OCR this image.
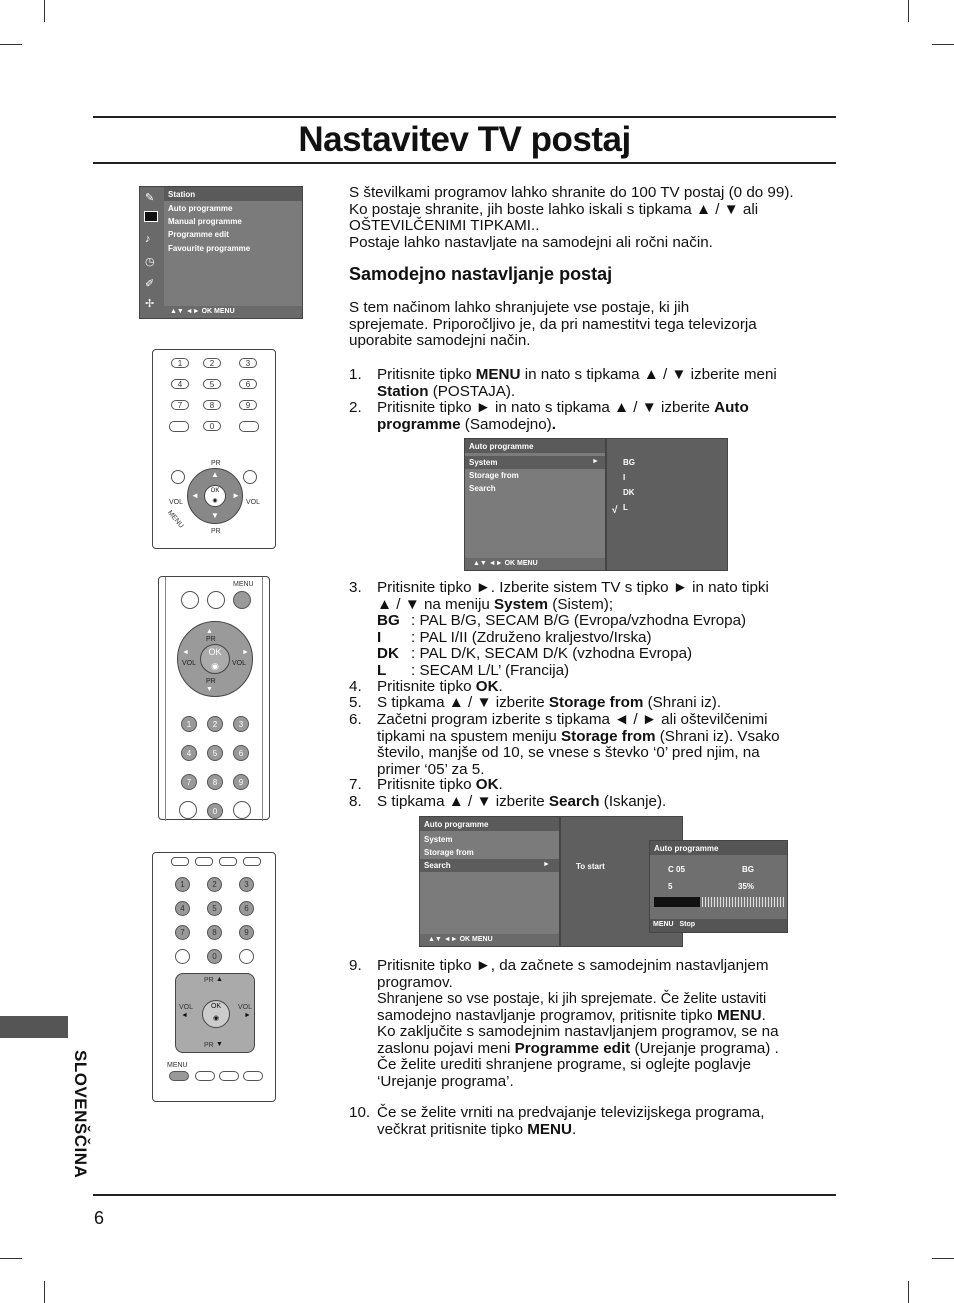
Nastavitev TV postaj
✎
♪
◷
✐
✢
Station
Auto programme
Manual programme
Programme edit
Favourite programme
▲▼ ◄► OK MENU
1	2	3
4	5	6
7	8	9
0
PR
OK
◉
▲
▼
◄	►
VOL	VOL
PR
MENU
MENU
▲
PR
OK
◉
VOL	VOL
◄	►
PR
▼
1	2	3
4	5	6
7	8	9
0
1	2	3
4	5	6
7	8	9
0
PR ▲
OK
◉
VOL
◄
VOL
►
PR ▼
MENU
SLOVENŠČINA
S številkami programov lahko shranite do 100 TV postaj (0 do 99).
Ko postaje shranite, jih boste lahko iskali s tipkama ▲ / ▼ ali
OŠTEVILČENIMI TIPKAMI..
Postaje lahko nastavljate na samodejni ali ročni način.
Samodejno nastavljanje postaj
S tem načinom lahko shranjujete vse postaje, ki jih
sprejemate. Priporočljivo je, da pri namestitvi tega televizorja
uporabite samodejni način.
1. Pritisnite tipko MENU in nato s tipkama ▲ / ▼ izberite meni
Station (POSTAJA).
2. Pritisnite tipko ► in nato s tipkama ▲ / ▼ izberite Auto
programme (Samodejno).
Auto programme
System	►
Storage from
Search
▲▼ ◄► OK MENU
BG
I
DK
L
√
3. Pritisnite tipko ►. Izberite sistem TV s tipko ► in nato tipki
▲ / ▼ na meniju System (Sistem);
BG : PAL B/G, SECAM B/G (Evropa/vzhodna Evropa)
I : PAL I/II (Združeno kraljestvo/Irska)
DK : PAL D/K, SECAM D/K (vzhodna Evropa)
L : SECAM L/L’ (Francija)
4. Pritisnite tipko OK.
5. S tipkama ▲ / ▼ izberite Storage from (Shrani iz).
6. Začetni program izberite s tipkama ◄ / ► ali oštevilčenimi
tipkami na spustem meniju Storage from (Shrani iz). Vsako
število, manjše od 10, se vnese s števko ‘0’ pred njim, na
primer ‘05’ za 5.
7. Pritisnite tipko OK.
8. S tipkama ▲ / ▼ izberite Search (Iskanje).
Auto programme
System
Storage from
Search	►
▲▼ ◄► OK MENU
To start
Auto programme
C 05	BG
5	35%
MENU Stop
9. Pritisnite tipko ►, da začnete s samodejnim nastavljanjem
programov.
Shranjene so vse postaje, ki jih sprejemate. Če želite ustaviti
samodejno nastavljanje programov, pritisnite tipko MENU.
Ko zaključite s samodejnim nastavljanjem programov, se na
zaslonu pojavi meni Programme edit (Urejanje programa) .
Če želite urediti shranjene programe, si oglejte poglavje
‘Urejanje programa’.
10. Če se želite vrniti na predvajanje televizijskega programa,
večkrat pritisnite tipko MENU.
6
